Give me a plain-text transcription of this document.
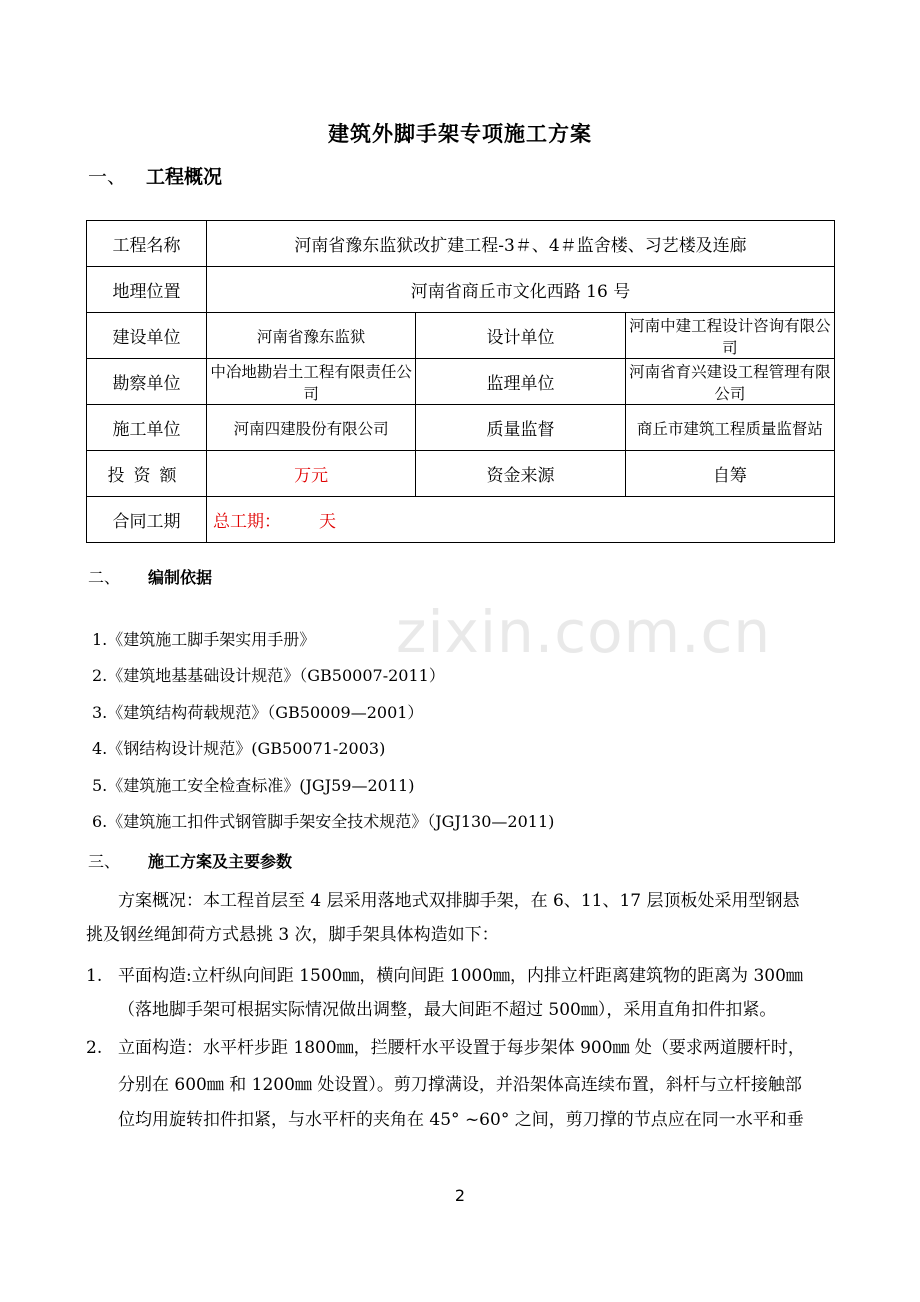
建筑外脚手架专项施工方案
一、 工程概况
工程名称	河南省豫东监狱改扩建工程-3＃、4＃监舍楼、习艺楼及连廊		
地理位置	河南省商丘市文化西路 16 号		
建设单位	河南省豫东监狱	设计单位	河南中建工程设计咨询有限公司
勘察单位	中冶地勘岩土工程有限责任公司	监理单位	河南省育兴建设工程管理有限公司
施工单位	河南四建股份有限公司	质量监督	商丘市建筑工程质量监督站
投资额	万元	资金来源	自筹
合同工期	总工期： 天		
二、 编制依据
zixin.com.cn
1.《建筑施工脚手架实用手册》
2.《建筑地基基础设计规范》（GB50007-2011）
3.《建筑结构荷载规范》（GB50009—2001）
4.《钢结构设计规范》(GB50071-2003)
5.《建筑施工安全检查标准》(JGJ59—2011)
6.《建筑施工扣件式钢管脚手架安全技术规范》（JGJ130—2011)
三、 施工方案及主要参数
方案概况：本工程首层至 4 层采用落地式双排脚手架，在 6、11、17 层顶板处采用型钢悬
挑及钢丝绳卸荷方式悬挑 3 次，脚手架具体构造如下：
1. 平面构造:立杆纵向间距 1500㎜，横向间距 1000㎜，内排立杆距离建筑物的距离为 300㎜
（落地脚手架可根据实际情况做出调整，最大间距不超过 500㎜），采用直角扣件扣紧。
2. 立面构造：水平杆步距 1800㎜，拦腰杆水平设置于每步架体 900㎜ 处（要求两道腰杆时，
分别在 600㎜ 和 1200㎜ 处设置）。剪刀撑满设，并沿架体高连续布置，斜杆与立杆接触部
位均用旋转扣件扣紧，与水平杆的夹角在 45° ~60° 之间，剪刀撑的节点应在同一水平和垂
2
